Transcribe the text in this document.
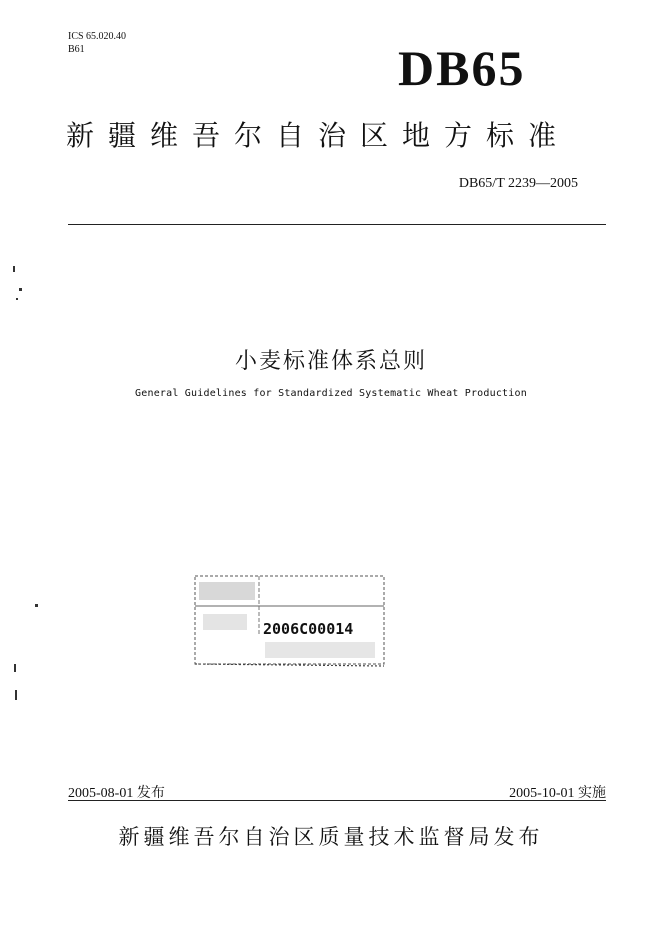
ICS 65.020.40
B61	DB65
新疆维吾尔自治区地方标准
DB65/T 2239—2005
小麦标准体系总则
General Guidelines for Standardized Systematic Wheat Production
2006C00014
2005-08-01 发布	2005-10-01 实施
新疆维吾尔自治区质量技术监督局发布
